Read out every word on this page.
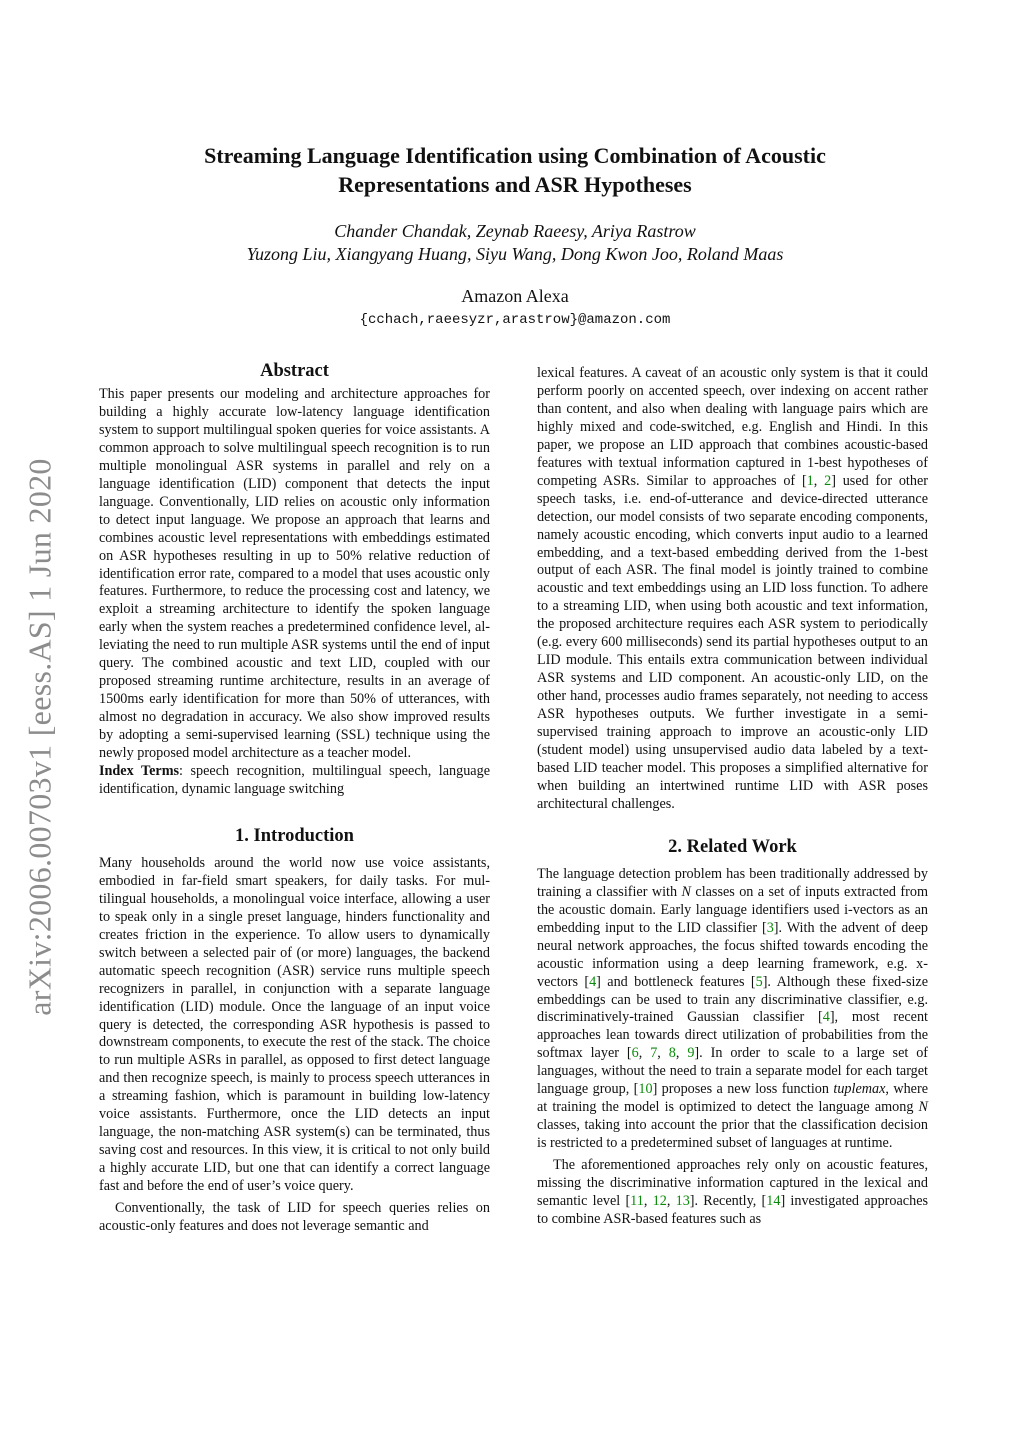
arXiv:2006.00703v1 [eess.AS] 1 Jun 2020
Streaming Language Identification using Combination of Acoustic
Representations and ASR Hypotheses
Chander Chandak, Zeynab Raeesy, Ariya Rastrow
Yuzong Liu, Xiangyang Huang, Siyu Wang, Dong Kwon Joo, Roland Maas
Amazon Alexa
{cchach,raeesyzr,arastrow}@amazon.com
Abstract

This paper presents our modeling and architecture approaches for building a highly accurate low-latency language identification system to support multilingual spoken queries for voice assistants. A common approach to solve multilingual speech recognition is to run multiple monolingual ASR systems in parallel and rely on a language identification (LID) component that detects the input language. Conventionally, LID relies on acoustic only information to detect input language. We propose an approach that learns and combines acoustic level representations with embeddings estimated on ASR hypotheses resulting in up to 50% relative reduction of identification error rate, compared to a model that uses acoustic only features. Furthermore, to reduce the processing cost and latency, we exploit a streaming architecture to identify the spoken language early when the system reaches a predetermined confidence level, alleviating the need to run multiple ASR systems until the end of input query. The combined acoustic and text LID, coupled with our proposed streaming runtime architecture, results in an average of 1500ms early identification for more than 50% of utterances, with almost no degradation in accuracy. We also show improved results by adopting a semi-supervised learning (SSL) technique using the newly proposed model architecture as a teacher model.

Index Terms: speech recognition, multilingual speech, language identification, dynamic language switching

1. Introduction

Many households around the world now use voice assistants, embodied in far-field smart speakers, for daily tasks. For multilingual households, a monolingual voice interface, allowing a user to speak only in a single preset language, hinders functionality and creates friction in the experience. To allow users to dynamically switch between a selected pair of (or more) languages, the backend automatic speech recognition (ASR) service runs multiple speech recognizers in parallel, in conjunction with a separate language identification (LID) module. Once the language of an input voice query is detected, the corresponding ASR hypothesis is passed to downstream components, to execute the rest of the stack. The choice to run multiple ASRs in parallel, as opposed to first detect language and then recognize speech, is mainly to process speech utterances in a streaming fashion, which is paramount in building low-latency voice assistants. Furthermore, once the LID detects an input language, the non-matching ASR system(s) can be terminated, thus saving cost and resources. In this view, it is critical to not only build a highly accurate LID, but one that can identify a correct language fast and before the end of user’s voice query.

Conventionally, the task of LID for speech queries relies on acoustic-only features and does not leverage semantic and

lexical features. A caveat of an acoustic only system is that it could perform poorly on accented speech, over indexing on accent rather than content, and also when dealing with language pairs which are highly mixed and code-switched, e.g. English and Hindi. In this paper, we propose an LID approach that combines acoustic-based features with textual information captured in 1-best hypotheses of competing ASRs. Similar to approaches of [1, 2] used for other speech tasks, i.e. end-of-utterance and device-directed utterance detection, our model consists of two separate encoding components, namely acoustic encoding, which converts input audio to a learned embedding, and a text-based embedding derived from the 1-best output of each ASR. The final model is jointly trained to combine acoustic and text embeddings using an LID loss function. To adhere to a streaming LID, when using both acoustic and text information, the proposed architecture requires each ASR system to periodically (e.g. every 600 milliseconds) send its partial hypotheses output to an LID module. This entails extra communication between individual ASR systems and LID component. An acoustic-only LID, on the other hand, processes audio frames separately, not needing to access ASR hypotheses outputs. We further investigate in a semi-supervised training approach to improve an acoustic-only LID (student model) using unsupervised audio data labeled by a text-based LID teacher model. This proposes a simplified alternative for when building an intertwined runtime LID with ASR poses architectural challenges.

2. Related Work

The language detection problem has been traditionally addressed by training a classifier with N classes on a set of inputs extracted from the acoustic domain. Early language identifiers used i-vectors as an embedding input to the LID classifier [3]. With the advent of deep neural network approaches, the focus shifted towards encoding the acoustic information using a deep learning framework, e.g. x-vectors [4] and bottleneck features [5]. Although these fixed-size embeddings can be used to train any discriminative classifier, e.g. discriminatively-trained Gaussian classifier [4], most recent approaches lean towards direct utilization of probabilities from the softmax layer [6, 7, 8, 9]. In order to scale to a large set of languages, without the need to train a separate model for each target language group, [10] proposes a new loss function tuplemax, where at training the model is optimized to detect the language among N classes, taking into account the prior that the classification decision is restricted to a predetermined subset of languages at runtime.

The aforementioned approaches rely only on acoustic features, missing the discriminative information captured in the lexical and semantic level [11, 12, 13]. Recently, [14] investigated approaches to combine ASR-based features such as
